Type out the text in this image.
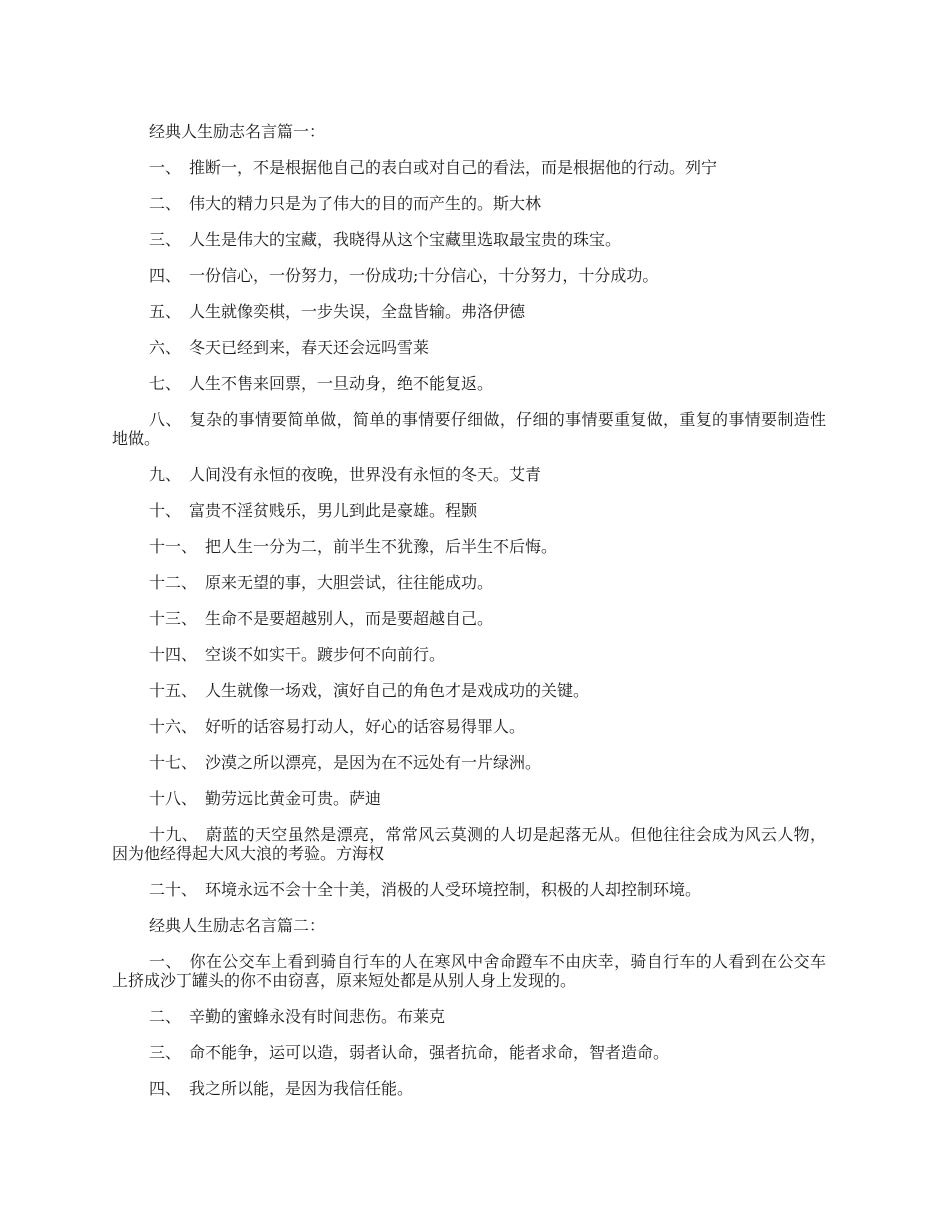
经典人生励志名言篇一：

一、 推断一，不是根据他自己的表白或对自己的看法，而是根据他的行动。列宁

二、 伟大的精力只是为了伟大的目的而产生的。斯大林

三、 人生是伟大的宝藏，我晓得从这个宝藏里选取最宝贵的珠宝。

四、 一份信心，一份努力，一份成功;十分信心，十分努力，十分成功。

五、 人生就像奕棋，一步失误，全盘皆输。弗洛伊德

六、 冬天已经到来，春天还会远吗雪莱

七、 人生不售来回票，一旦动身，绝不能复返。

八、 复杂的事情要简单做，简单的事情要仔细做，仔细的事情要重复做，重复的事情要制造性地做。

九、 人间没有永恒的夜晚，世界没有永恒的冬天。艾青

十、 富贵不淫贫贱乐，男儿到此是豪雄。程颢

十一、 把人生一分为二，前半生不犹豫，后半生不后悔。

十二、 原来无望的事，大胆尝试，往往能成功。

十三、 生命不是要超越别人，而是要超越自己。

十四、 空谈不如实干。踱步何不向前行。

十五、 人生就像一场戏，演好自己的角色才是戏成功的关键。

十六、 好听的话容易打动人，好心的话容易得罪人。

十七、 沙漠之所以漂亮，是因为在不远处有一片绿洲。

十八、 勤劳远比黄金可贵。萨迪

十九、 蔚蓝的天空虽然是漂亮，常常风云莫测的人切是起落无从。但他往往会成为风云人物，因为他经得起大风大浪的考验。方海权

二十、 环境永远不会十全十美，消极的人受环境控制，积极的人却控制环境。

经典人生励志名言篇二：

一、 你在公交车上看到骑自行车的人在寒风中舍命蹬车不由庆幸，骑自行车的人看到在公交车上挤成沙丁罐头的你不由窃喜，原来短处都是从别人身上发现的。

二、 辛勤的蜜蜂永没有时间悲伤。布莱克

三、 命不能争，运可以造，弱者认命，强者抗命，能者求命，智者造命。

四、 我之所以能，是因为我信任能。
